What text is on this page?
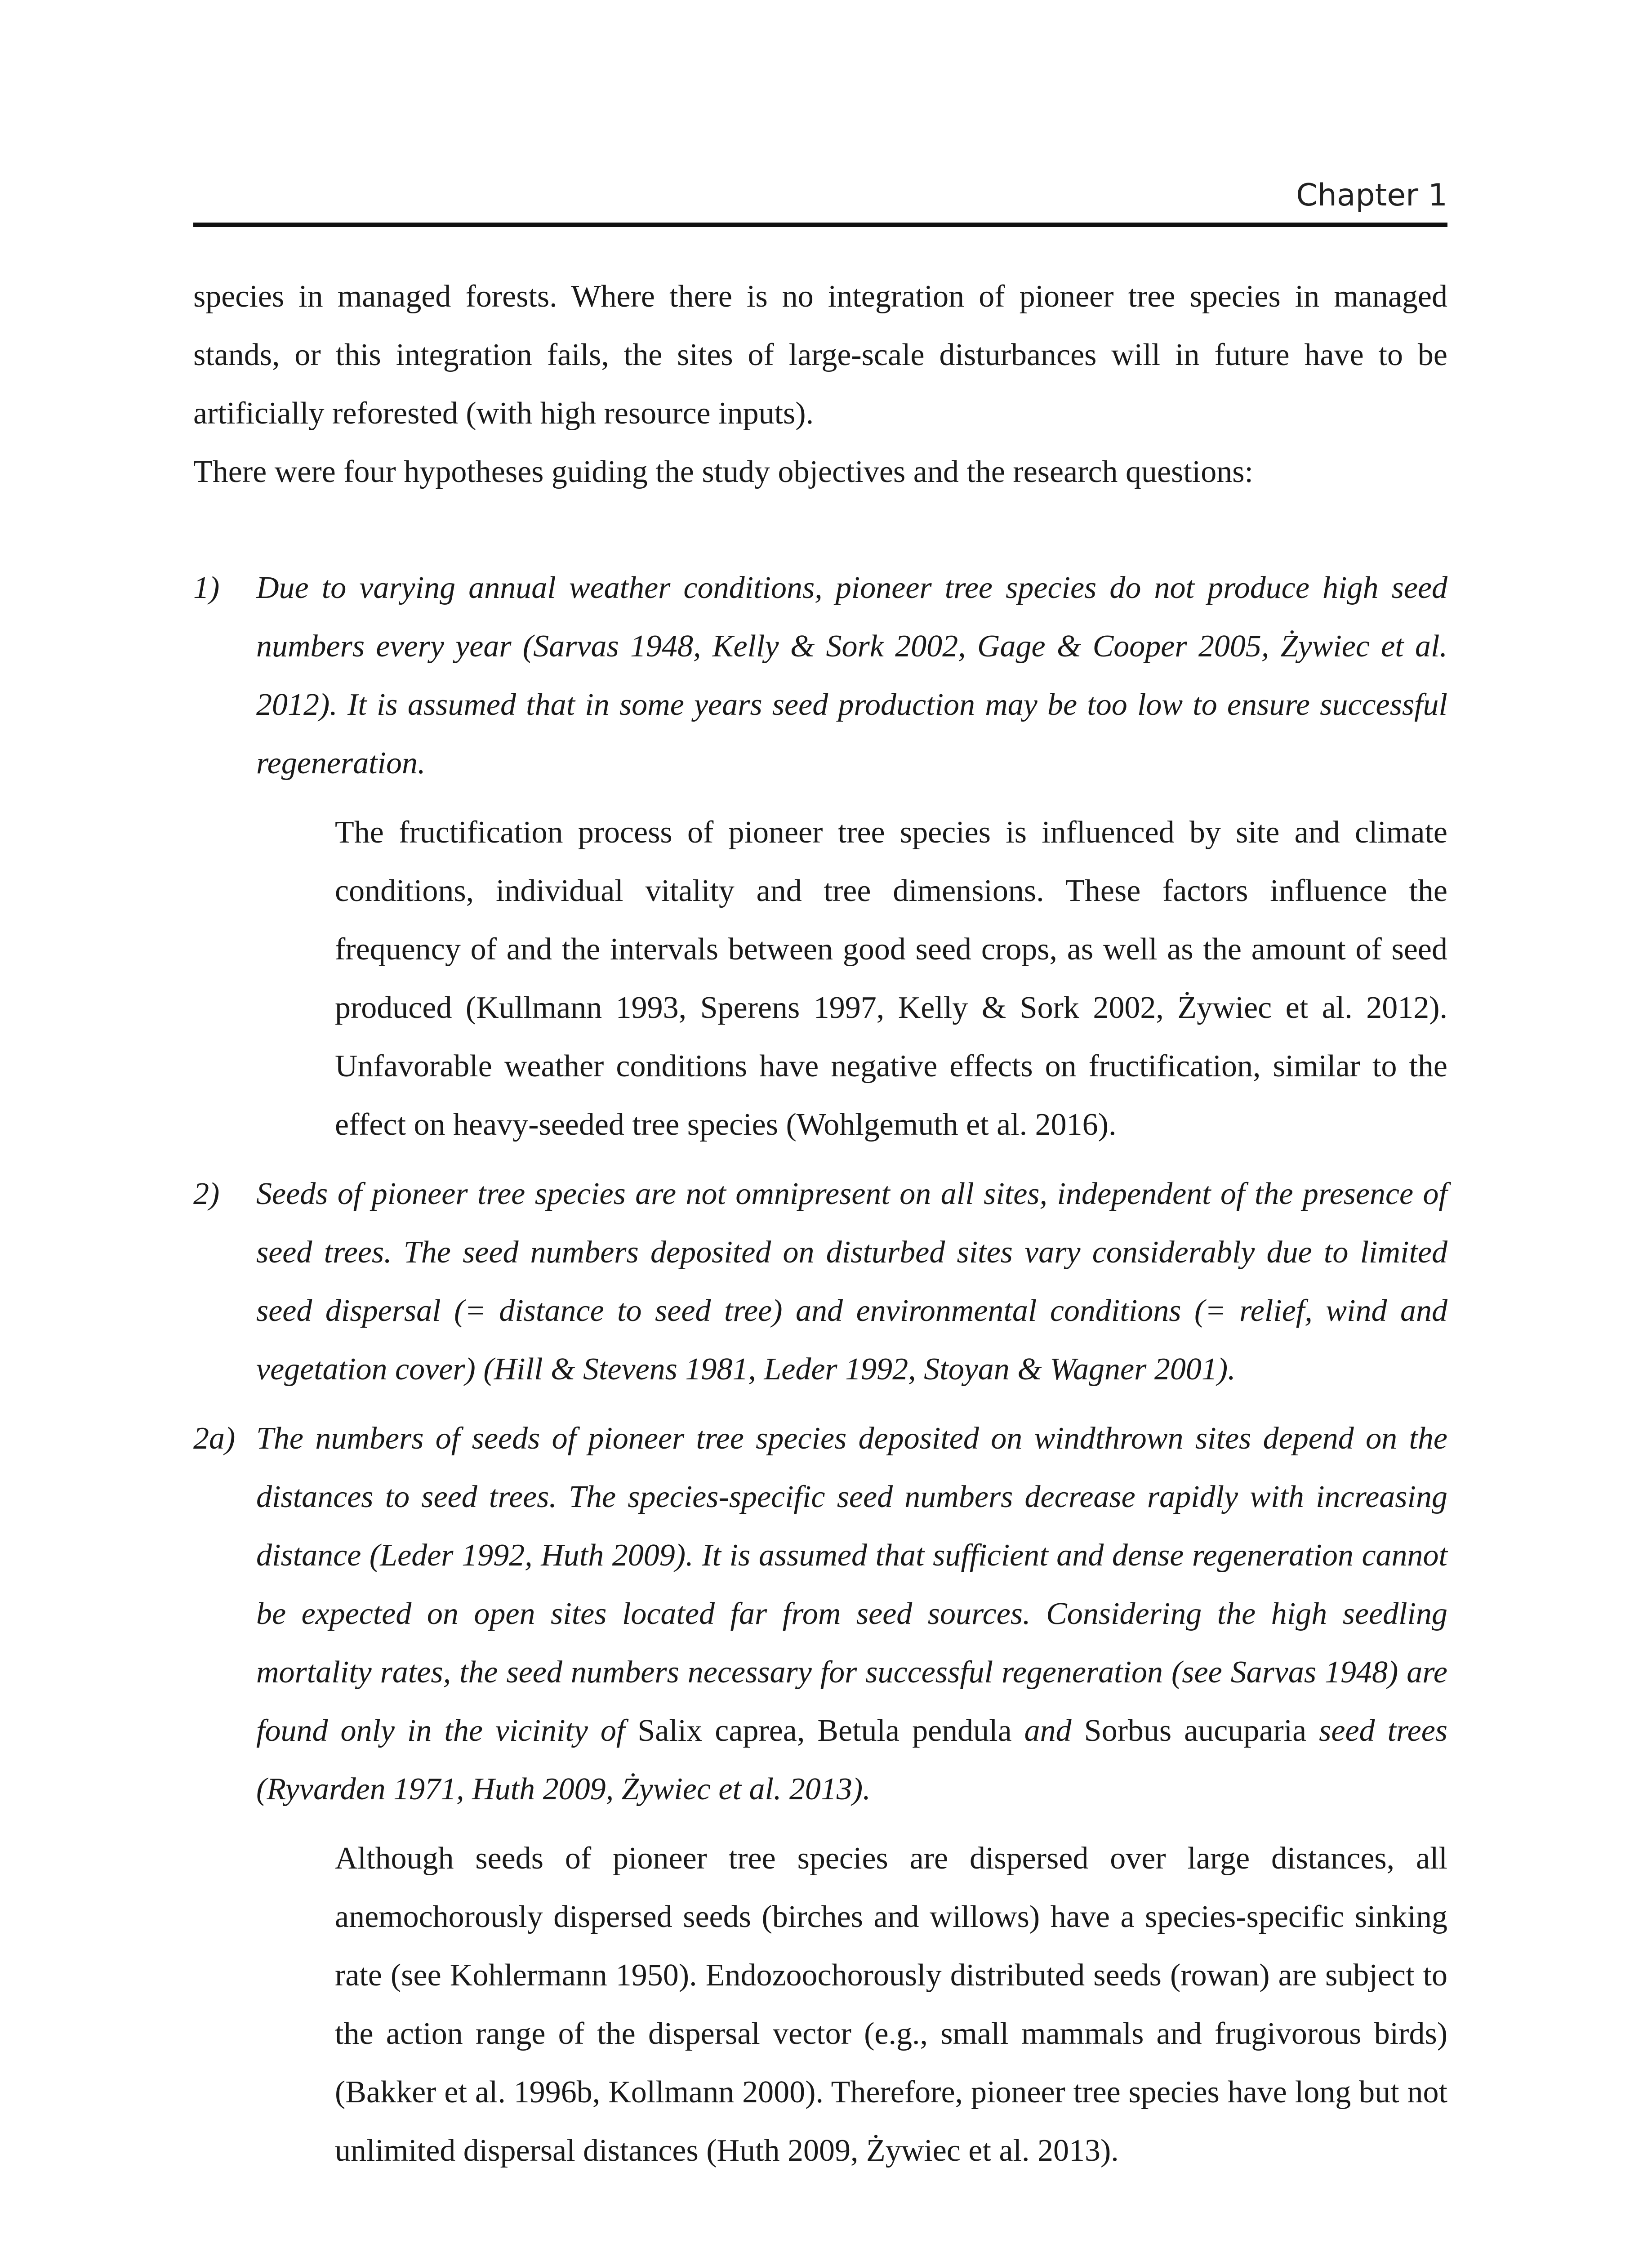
Chapter 1

species in managed forests. Where there is no integration of pioneer tree species in managed stands, or this integration fails, the sites of large-scale disturbances will in future have to be artificially reforested (with high resource inputs).

There were four hypotheses guiding the study objectives and the research questions:

1) Due to varying annual weather conditions, pioneer tree species do not produce high seed numbers every year (Sarvas 1948, Kelly & Sork 2002, Gage & Cooper 2005, Żywiec et al. 2012). It is assumed that in some years seed production may be too low to ensure successful regeneration.

The fructification process of pioneer tree species is influenced by site and climate conditions, individual vitality and tree dimensions. These factors influence the frequency of and the intervals between good seed crops, as well as the amount of seed produced (Kullmann 1993, Sperens 1997, Kelly & Sork 2002, Żywiec et al. 2012). Unfavorable weather conditions have negative effects on fructification, similar to the effect on heavy-seeded tree species (Wohlgemuth et al. 2016).

2) Seeds of pioneer tree species are not omnipresent on all sites, independent of the presence of seed trees. The seed numbers deposited on disturbed sites vary considerably due to limited seed dispersal (= distance to seed tree) and environmental conditions (= relief, wind and vegetation cover) (Hill & Stevens 1981, Leder 1992, Stoyan & Wagner 2001).
2a) The numbers of seeds of pioneer tree species deposited on windthrown sites depend on the distances to seed trees. The species-specific seed numbers decrease rapidly with increasing distance (Leder 1992, Huth 2009). It is assumed that sufficient and dense regeneration cannot be expected on open sites located far from seed sources. Considering the high seedling mortality rates, the seed numbers necessary for successful regeneration (see Sarvas 1948) are found only in the vicinity of Salix caprea, Betula pendula and Sorbus aucuparia seed trees (Ryvarden 1971, Huth 2009, Żywiec et al. 2013).

Although seeds of pioneer tree species are dispersed over large distances, all anemochorously dispersed seeds (birches and willows) have a species-specific sinking rate (see Kohlermann 1950). Endozoochorously distributed seeds (rowan) are subject to the action range of the dispersal vector (e.g., small mammals and frugivorous birds) (Bakker et al. 1996b, Kollmann 2000). Therefore, pioneer tree species have long but not unlimited dispersal distances (Huth 2009, Żywiec et al. 2013).
